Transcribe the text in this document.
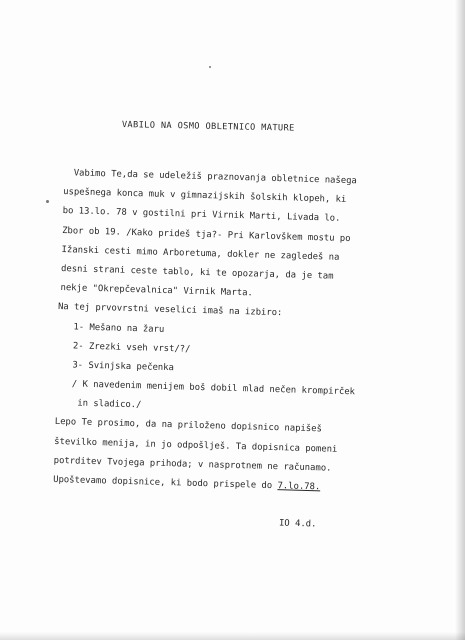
VABILO NA OSMO OBLETNICO MATURE
Vabimo Te,da se udeležiš praznovanja obletnice našega
uspešnega konca muk v gimnazijskih šolskih klopeh, ki
bo 13.lo. 78 v gostilni pri Virnik Marti, Livada lo.
Zbor ob 19. /Kako prideš tja?- Pri Karlovškem mostu po
Ižanski cesti mimo Arboretuma, dokler ne zagledeš na
desni strani ceste tablo, ki te opozarja, da je tam
nekje "Okrepčevalnica" Virnik Marta.
Na tej prvovrstni veselici imaš na izbiro:
1- Mešano na žaru
2- Zrezki vseh vrst/?/
3- Svinjska pečenka
/ K navedenim menijem boš dobil mlad nečen krompirček
in sladico./
Lepo Te prosimo, da na priloženo dopisnico napišeš
številko menija, in jo odpošlješ. Ta dopisnica pomeni
potrditev Tvojega prihoda; v nasprotnem ne računamo.
Upoštevamo dopisnice, ki bodo prispele do 7.lo.78.
IO 4.d.
